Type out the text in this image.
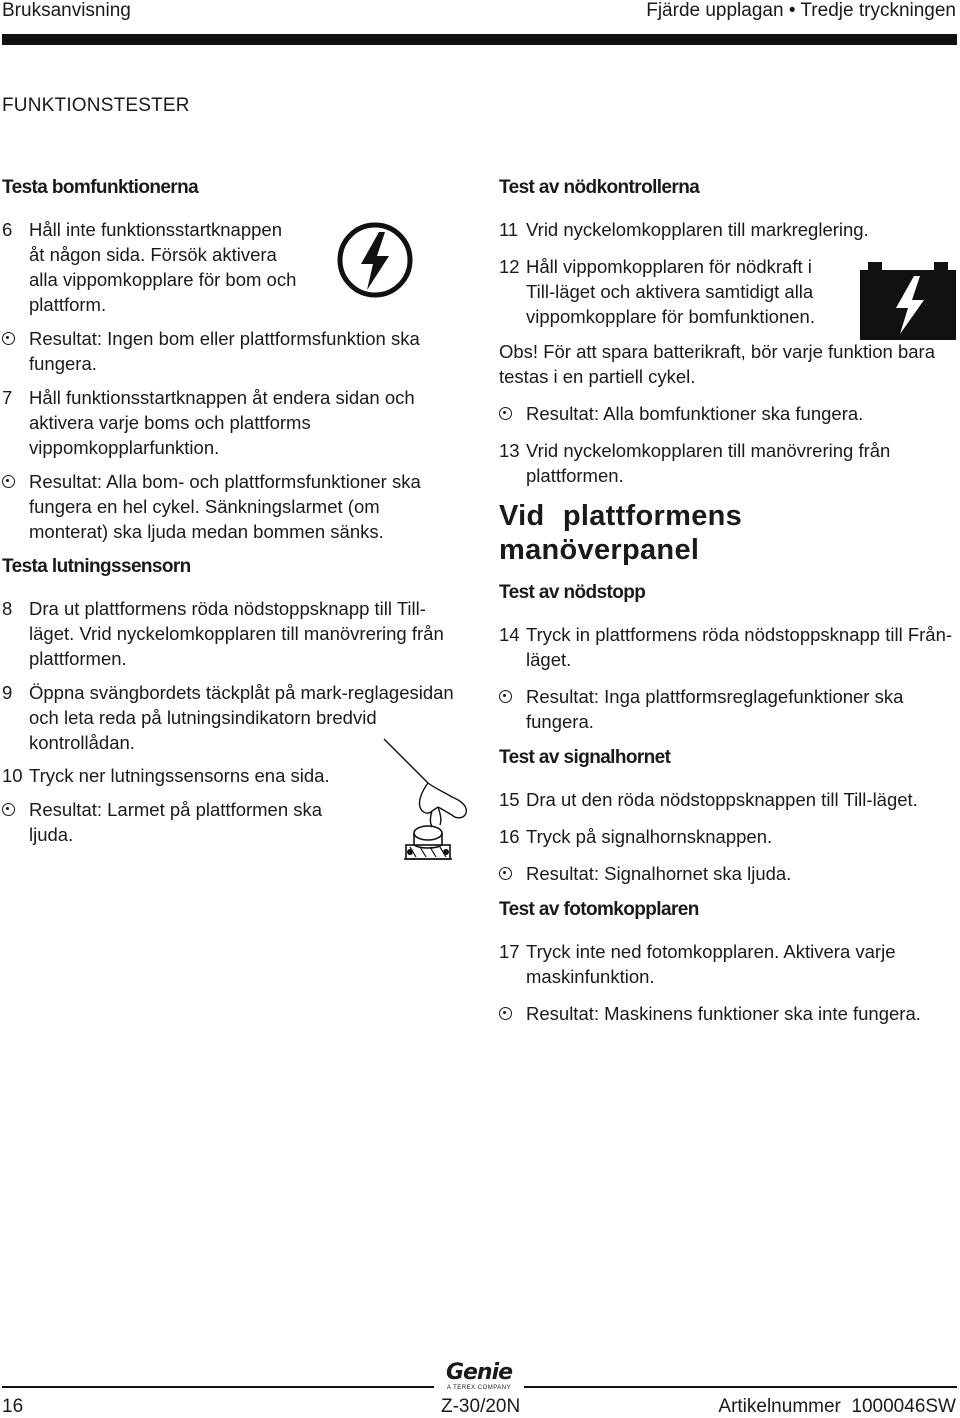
Bruksanvisning	Fjärde upplagan • Tredje tryckningen
FUNKTIONSTESTER
Testa bomfunktionerna
6 Håll inte funktionsstartknappen åt någon sida. Försök aktivera alla vippomkopplare för bom och plattform.
Resultat: Ingen bom eller plattformsfunktion ska fungera.
7 Håll funktionsstartknappen åt endera sidan och aktivera varje boms och plattforms vippomkopplarfunktion.
Resultat: Alla bom- och plattformsfunktioner ska fungera en hel cykel. Sänkningslarmet (om monterat) ska ljuda medan bommen sänks.
Testa lutningssensorn
8 Dra ut plattformens röda nödstoppsknapp till Till-läget. Vrid nyckelomkopplaren till manövrering från plattformen.
9 Öppna svängbordets täckplåt på mark-reglagesidan och leta reda på lutningsindikatorn bredvid kontrollådan.
10 Tryck ner lutningssensorns ena sida.
Resultat: Larmet på plattformen ska ljuda.
Test av nödkontrollerna
11 Vrid nyckelomkopplaren till markreglering.
12 Håll vippomkopplaren för nödkraft i Till-läget och aktivera samtidigt alla vippomkopplare för bomfunktionen.
Obs! För att spara batterikraft, bör varje funktion bara testas i en partiell cykel.
Resultat: Alla bomfunktioner ska fungera.
13 Vrid nyckelomkopplaren till manövrering från plattformen.
Vid plattformens manöverpanel
Test av nödstopp
14 Tryck in plattformens röda nödstoppsknapp till Från-läget.
Resultat: Inga plattformsreglagefunktioner ska fungera.
Test av signalhornet
15 Dra ut den röda nödstoppsknappen till Till-läget.
16 Tryck på signalhornsknappen.
Resultat: Signalhornet ska ljuda.
Test av fotomkopplaren
17 Tryck inte ned fotomkopplaren. Aktivera varje maskinfunktion.
Resultat: Maskinens funktioner ska inte fungera.
Genie
A TEREX COMPANY
16	Z-30/20N	Artikelnummer  1000046SW
